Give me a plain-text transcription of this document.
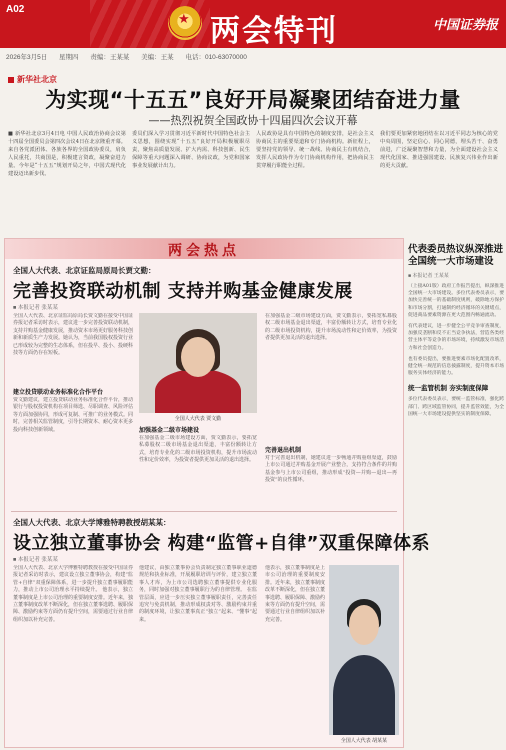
A02
★
两会特刊	中国证券报
2026年3月5日 星期四 责编：王某某 美编：王某 电话：010-63070000
新华社北京
为实现“十五五”良好开局凝聚团结奋进力量
——热烈祝贺全国政协十四届四次会议开幕
■ 新华社北京3月4日电 中国人民政治协商会议第十四届全国委员会第四次会议4日在北京隆重开幕。来自各党派团体、各族各界的全国政协委员，肩负人民重托，共商国是，积极建言资政，凝聚奋进力量。今年是“十五五”规划开局之年，中国式现代化建设迈出新步伐。
委员们深入学习贯彻习近平新时代中国特色社会主义思想，围绕实现“十五五”良好开局积极履职尽责，聚焦高质量发展、扩大内需、科技创新、民生保障等重大问题深入调研、协商议政，为党和国家事业发展献计出力。
人民政协是具有中国特色的制度安排，是社会主义协商民主的重要渠道和专门协商机构。新征程上，要坚持党的领导、统一战线、协商民主有机结合，发挥人民政协作为专门协商机构作用，把协商民主贯穿履行职能全过程。
我们要更加紧密地团结在以习近平同志为核心的党中央周围，坚定信心、同心同德，埋头苦干、奋勇前进，广泛凝聚智慧和力量，为全面建设社会主义现代化国家、推进强国建设、民族复兴伟业作出新的更大贡献。
两会热点
全国人大代表、北京证监局原局长贾文勤：
完善投资联动机制 支持并购基金健康发展
■ 本报记者 张某某
全国人大代表、北京证监局原局长贾文勤在接受中国证券报记者采访时表示，建议进一步完善投资联动机制，支持并购基金健康发展，推动资本市场更好服务科技创新和新质生产力发展。她认为，当前我国股权投资行业已形成较为完整的生态体系，但在投早、投小、投硬科技等方面仍存在短板。
建立投贷联动业务标准化合作平台
贾文勤建议，建立投贷联动业务标准化合作平台，推动银行与股权投资机构在项目筛选、尽职调查、风险评估等方面加强协同，形成可复制、可推广的业务模式。同时，完善相关监管制度，引导长期资本、耐心资本更多投向科技创新领域。
全国人大代表 贾文勤
加强基金二级市场建设
在加强基金二级市场建设方面，贾文勤表示，要拓宽私募股权二级市场基金退出渠道，丰富份额转让方式，培育专业化的二级市场投资机构，提升市场流动性和定价效率，为投资者提供更加灵活的退出选择。
在加强基金二级市场建设方面，贾文勤表示，要拓宽私募股权二级市场基金退出渠道，丰富份额转让方式，培育专业化的二级市场投资机构，提升市场流动性和定价效率，为投资者提供更加灵活的退出选择。
完善退出机制
对于完善退出机制，她建议进一步畅通并购重组渠道，鼓励上市公司通过并购基金开展产业整合，支持符合条件的并购基金参与上市公司重组，推动形成“投资—并购—退出—再投资”的良性循环。
全国人大代表、北京大学博雅特聘教授胡某某：
设立独立董事协会 构建“监管+自律”双重保障体系
■ 本报记者 张某某
全国人大代表、北京大学博雅特聘教授在接受中国证券报记者采访时表示，建议设立独立董事协会，构建“监管+自律”双重保障体系，进一步提升独立董事履职能力，推动上市公司治理水平持续提升。 他表示，独立董事制度是上市公司治理的重要制度安排。近年来，独立董事制度改革不断深化，但在独立董事选聘、履职保障、激励约束等方面仍有提升空间，需要通过行业自律组织加以补充完善。
他建议，由独立董事协会负责制定独立董事职业道德规范和执业标准，开展履职培训与评价，建立独立董事人才库，为上市公司选聘独立董事提供专业化服务，同时加强对独立董事履职行为的自律管理。 在监管层面，应进一步压实独立董事履职责任，完善责任追究与免责机制，推动形成权责对等、激励约束并重的制度环境，让独立董事真正“独立”起来、“懂事”起来。
他表示，独立董事制度是上市公司治理的重要制度安排。近年来，独立董事制度改革不断深化，但在独立董事选聘、履职保障、激励约束等方面仍有提升空间，需要通过行业自律组织加以补充完善。
全国人大代表 胡某某
代表委员热议纵深推进全国统一大市场建设
■ 本报记者 王某某
（上接A01版）政府工作报告提出，纵深推进全国统一大市场建设。多位代表委员表示，要加快完善统一的基础制度规则，破除地方保护和市场分割，打通制约经济循环的关键堵点，促进商品要素资源在更大范围内畅通流动。
有代表建议，进一步健全公平竞争审查制度，加强反垄断和反不正当竞争执法，营造各类经营主体平等竞争的市场环境，持续激发市场活力和社会创造力。
也有委员提出，要推进要素市场化配置改革，健全统一规范的信息披露制度，提升资本市场服务实体经济的能力。
统一监管机制 夯实制度保障
多位代表委员表示，要统一监管标准，强化跨部门、跨区域监管协同，提升监管效能，为全国统一大市场建设提供坚实的制度保障。
